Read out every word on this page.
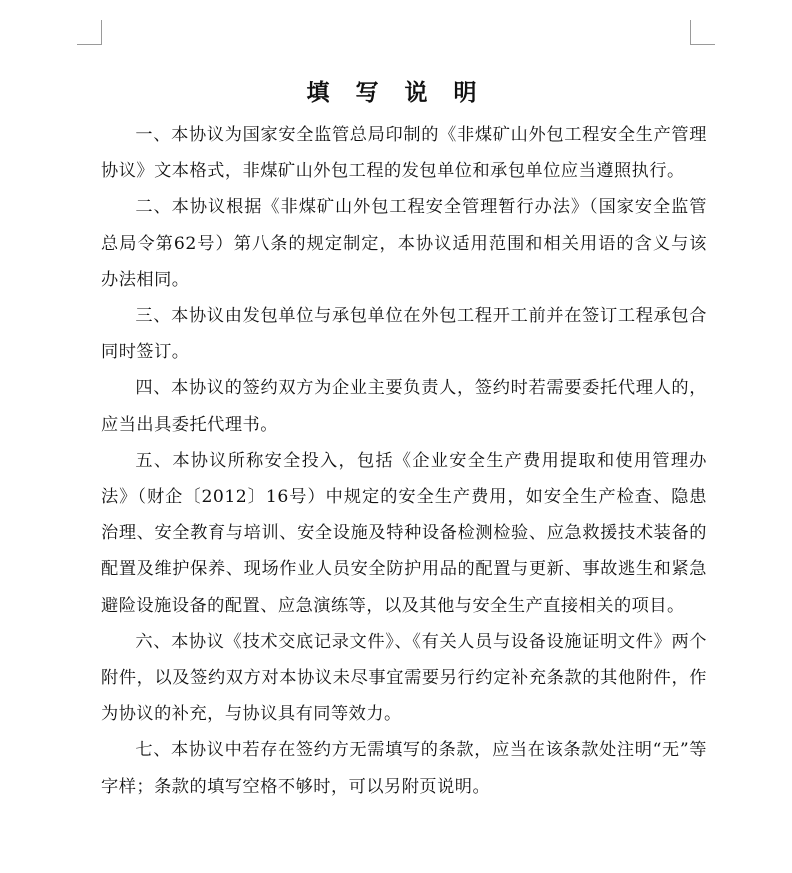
填 写 说 明

一、本协议为国家安全监管总局印制的《非煤矿山外包工程安全生产管理协议》文本格式，非煤矿山外包工程的发包单位和承包单位应当遵照执行。

二、本协议根据《非煤矿山外包工程安全管理暂行办法》（国家安全监管总局令第62号）第八条的规定制定，本协议适用范围和相关用语的含义与该办法相同。

三、本协议由发包单位与承包单位在外包工程开工前并在签订工程承包合同时签订。

四、本协议的签约双方为企业主要负责人，签约时若需要委托代理人的，应当出具委托代理书。

五、本协议所称安全投入，包括《企业安全生产费用提取和使用管理办法》（财企〔2012〕16号）中规定的安全生产费用，如安全生产检查、隐患治理、安全教育与培训、安全设施及特种设备检测检验、应急救援技术装备的配置及维护保养、现场作业人员安全防护用品的配置与更新、事故逃生和紧急避险设施设备的配置、应急演练等，以及其他与安全生产直接相关的项目。

六、本协议《技术交底记录文件》、《有关人员与设备设施证明文件》两个附件，以及签约双方对本协议未尽事宜需要另行约定补充条款的其他附件，作为协议的补充，与协议具有同等效力。

七、本协议中若存在签约方无需填写的条款，应当在该条款处注明“无”等字样；条款的填写空格不够时，可以另附页说明。
